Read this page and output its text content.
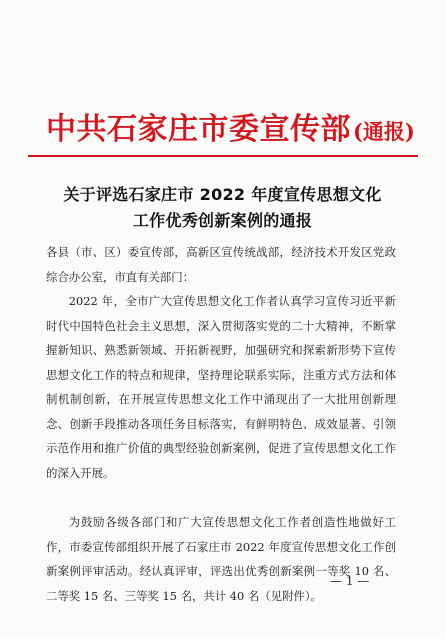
中共石家庄市委宣传部 (通报)
关于评选石家庄市 2022 年度宣传思想文化
工作优秀创新案例的通报
各县（市、区）委宣传部，高新区宣传统战部，经济技术开发区党政综合办公室，市直有关部门：
2022 年，全市广大宣传思想文化工作者认真学习宣传习近平新时代中国特色社会主义思想，深入贯彻落实党的二十大精神，不断掌握新知识、熟悉新领域、开拓新视野，加强研究和探索新形势下宣传思想文化工作的特点和规律，坚持理论联系实际，注重方式方法和体制机制创新，在开展宣传思想文化工作中涌现出了一大批用创新理念、创新手段推动各项任务目标落实，有鲜明特色、成效显著、引领示范作用和推广价值的典型经验创新案例，促进了宣传思想文化工作的深入开展。
为鼓励各级各部门和广大宣传思想文化工作者创造性地做好工作，市委宣传部组织开展了石家庄市 2022 年度宣传思想文化工作创新案例评审活动。经认真评审，评选出优秀创新案例一等奖 10 名、二等奖 15 名、三等奖 15 名，共计 40 名（见附件）。
— 1 —
